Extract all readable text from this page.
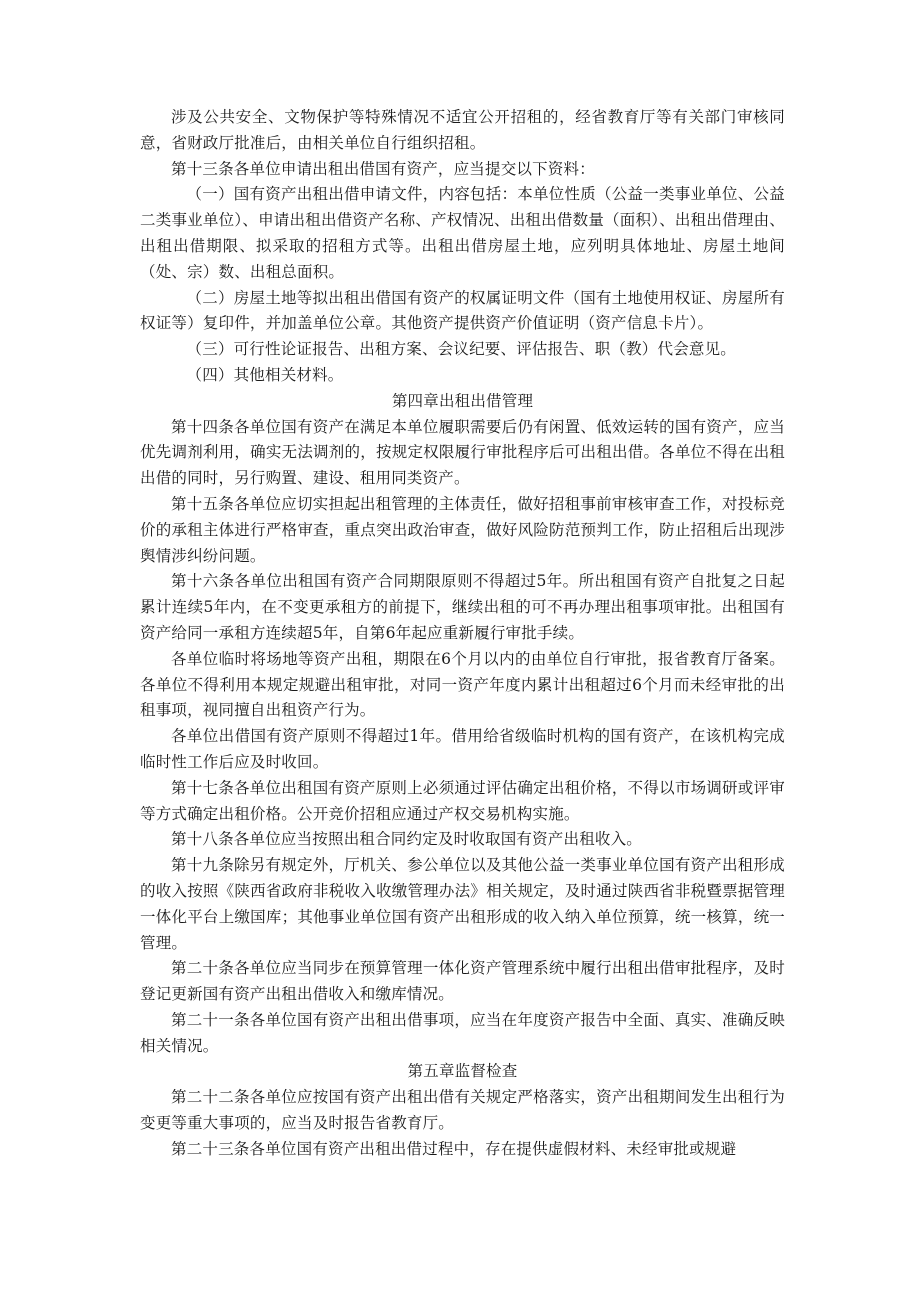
涉及公共安全、文物保护等特殊情况不适宜公开招租的，经省教育厅等有关部门审核同意，省财政厅批准后，由相关单位自行组织招租。

第十三条各单位申请出租出借国有资产，应当提交以下资料：

（一）国有资产出租出借申请文件，内容包括：本单位性质（公益一类事业单位、公益二类事业单位）、申请出租出借资产名称、产权情况、出租出借数量（面积）、出租出借理由、出租出借期限、拟采取的招租方式等。出租出借房屋土地，应列明具体地址、房屋土地间（处、宗）数、出租总面积。

（二）房屋土地等拟出租出借国有资产的权属证明文件（国有土地使用权证、房屋所有权证等）复印件，并加盖单位公章。其他资产提供资产价值证明（资产信息卡片）。

（三）可行性论证报告、出租方案、会议纪要、评估报告、职（教）代会意见。

（四）其他相关材料。

第四章出租出借管理

第十四条各单位国有资产在满足本单位履职需要后仍有闲置、低效运转的国有资产，应当优先调剂利用，确实无法调剂的，按规定权限履行审批程序后可出租出借。各单位不得在出租出借的同时，另行购置、建设、租用同类资产。

第十五条各单位应切实担起出租管理的主体责任，做好招租事前审核审查工作，对投标竞价的承租主体进行严格审查，重点突出政治审查，做好风险防范预判工作，防止招租后出现涉舆情涉纠纷问题。

第十六条各单位出租国有资产合同期限原则不得超过5年。所出租国有资产自批复之日起累计连续5年内，在不变更承租方的前提下，继续出租的可不再办理出租事项审批。出租国有资产给同一承租方连续超5年，自第6年起应重新履行审批手续。

各单位临时将场地等资产出租，期限在6个月以内的由单位自行审批，报省教育厅备案。各单位不得利用本规定规避出租审批，对同一资产年度内累计出租超过6个月而未经审批的出租事项，视同擅自出租资产行为。

各单位出借国有资产原则不得超过1年。借用给省级临时机构的国有资产，在该机构完成临时性工作后应及时收回。

第十七条各单位出租国有资产原则上必须通过评估确定出租价格，不得以市场调研或评审等方式确定出租价格。公开竞价招租应通过产权交易机构实施。

第十八条各单位应当按照出租合同约定及时收取国有资产出租收入。

第十九条除另有规定外，厅机关、参公单位以及其他公益一类事业单位国有资产出租形成的收入按照《陕西省政府非税收入收缴管理办法》相关规定，及时通过陕西省非税暨票据管理一体化平台上缴国库；其他事业单位国有资产出租形成的收入纳入单位预算，统一核算，统一管理。

第二十条各单位应当同步在预算管理一体化资产管理系统中履行出租出借审批程序，及时登记更新国有资产出租出借收入和缴库情况。

第二十一条各单位国有资产出租出借事项，应当在年度资产报告中全面、真实、准确反映相关情况。

第五章监督检查

第二十二条各单位应按国有资产出租出借有关规定严格落实，资产出租期间发生出租行为变更等重大事项的，应当及时报告省教育厅。

第二十三条各单位国有资产出租出借过程中，存在提供虚假材料、未经审批或规避
